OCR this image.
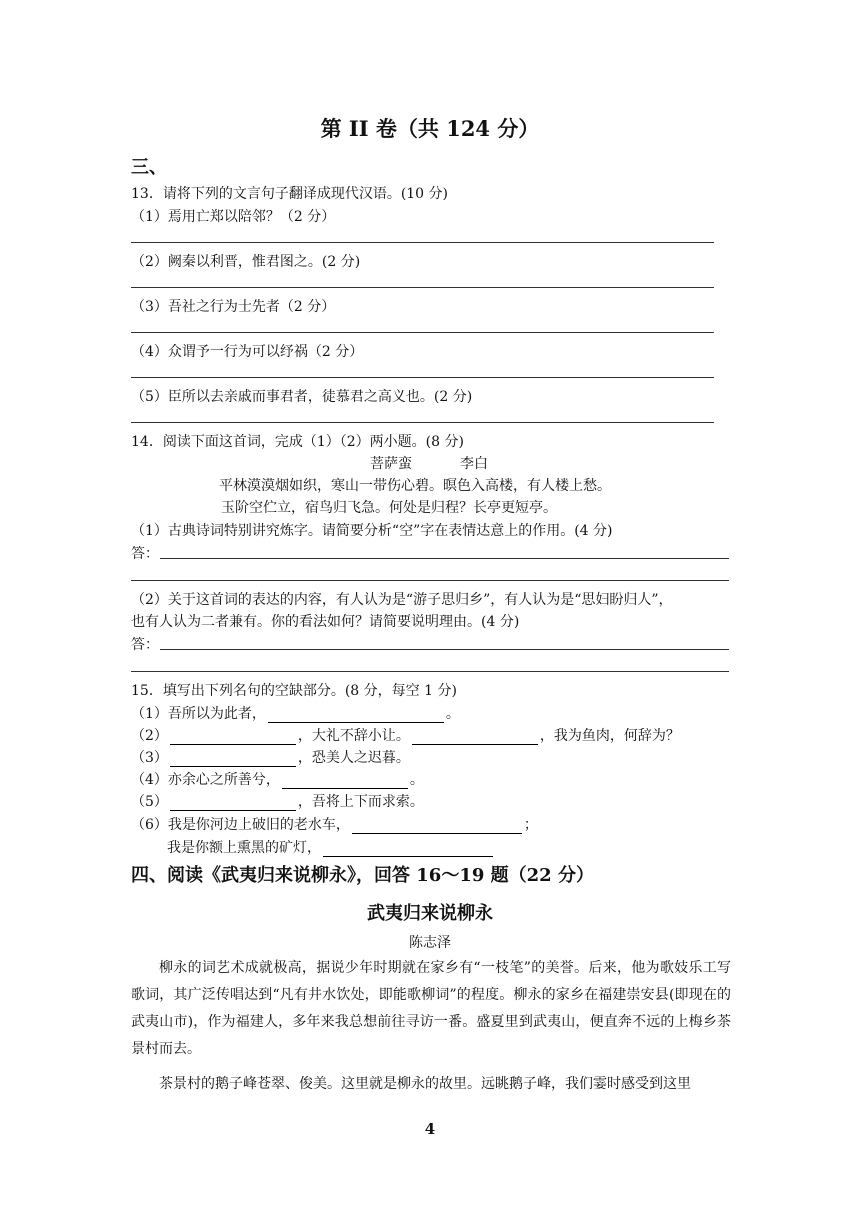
第 II 卷（共 124 分）
三、
13．请将下列的文言句子翻译成现代汉语。(10 分)
（1）焉用亡郑以陪邻？（2 分）
（2）阙秦以利晋，惟君图之。(2 分)
（3）吾社之行为士先者（2 分）
（4）众谓予一行为可以纾祸（2 分）
（5）臣所以去亲戚而事君者，徒慕君之高义也。(2 分)
14．阅读下面这首词，完成（1）（2）两小题。(8 分)
菩萨蛮	李白
平林漠漠烟如织，寒山一带伤心碧。暝色入高楼，有人楼上愁。
玉阶空伫立，宿鸟归飞急。何处是归程？长亭更短亭。
（1）古典诗词特别讲究炼字。请简要分析“空”字在表情达意上的作用。(4 分)
答：
（2）关于这首词的表达的内容，有人认为是“游子思归乡”，有人认为是“思妇盼归人”，
也有人认为二者兼有。你的看法如何？请简要说明理由。(4 分)
答：
15．填写出下列名句的空缺部分。(8 分，每空 1 分)
（1）吾所以为此者，	。
（2）	，大礼不辞小让。	，我为鱼肉，何辞为？
（3）	，恐美人之迟暮。
（4）亦余心之所善兮，	。
（5）	，吾将上下而求索。
（6）我是你河边上破旧的老水车，	；
我是你额上熏黑的矿灯，
四、阅读《武夷归来说柳永》，回答 16～19 题（22 分）
武夷归来说柳永
陈志泽
柳永的词艺术成就极高，据说少年时期就在家乡有“一枝笔”的美誉。后来，他为歌妓乐工写歌词，其广泛传唱达到“凡有井水饮处，即能歌柳词”的程度。柳永的家乡在福建崇安县(即现在的武夷山市)，作为福建人，多年来我总想前往寻访一番。盛夏里到武夷山，便直奔不远的上梅乡茶景村而去。
茶景村的鹅子峰苍翠、俊美。这里就是柳永的故里。远眺鹅子峰，我们霎时感受到这里
4
